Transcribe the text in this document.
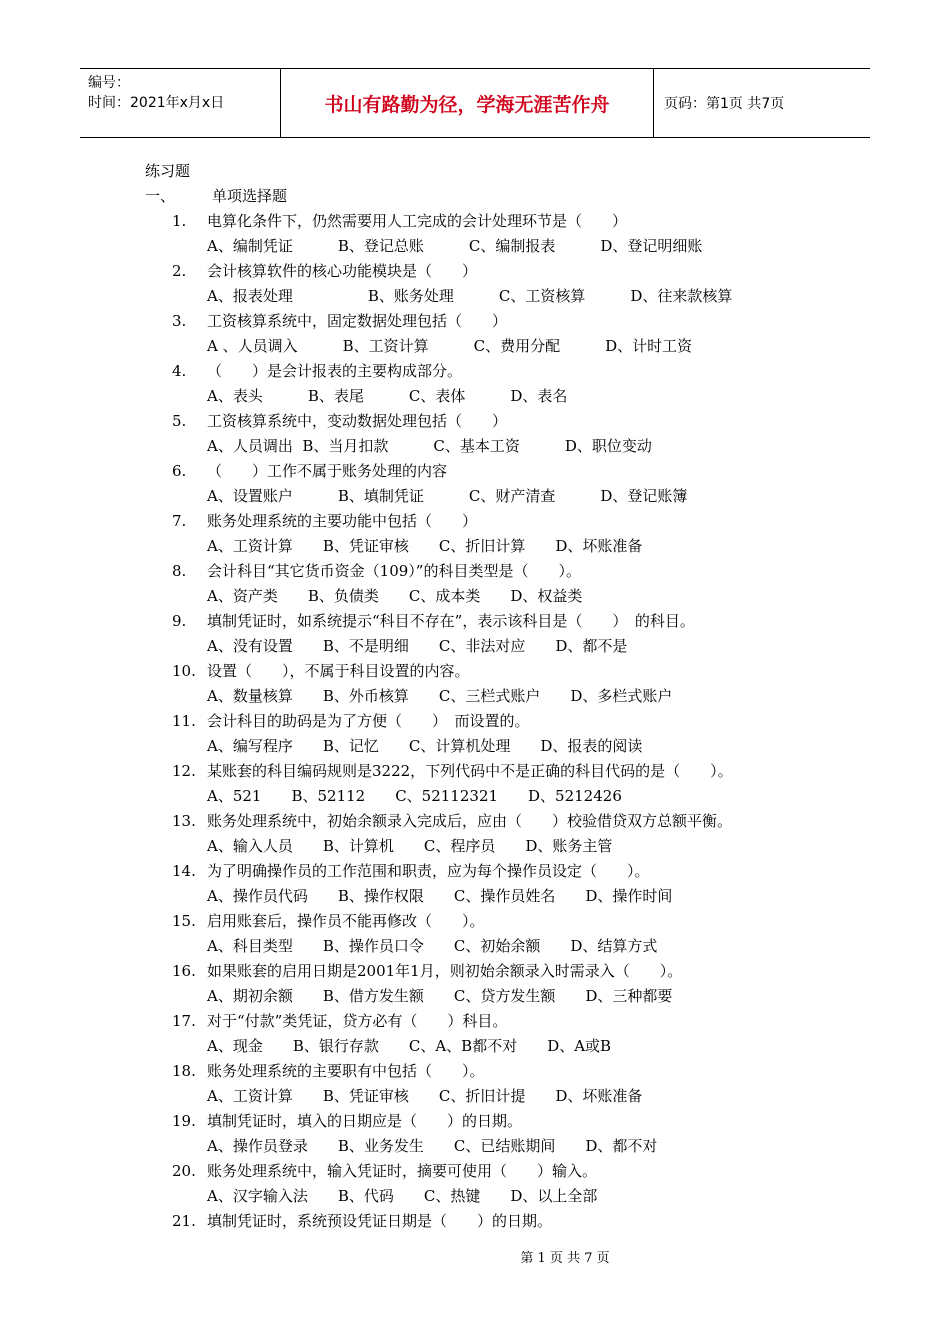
编号：
时间：2021年x月x日	书山有路勤为径，学海无涯苦作舟	页码：第1页 共7页
练习题
一、 单项选择题
1. 电算化条件下，仍然需要用人工完成的会计处理环节是（　　）
A、编制凭证　　　B、登记总账　　　C、编制报表　　　D、登记明细账
2. 会计核算软件的核心功能模块是（　　）
A、报表处理　　　　　B、账务处理　　　C、工资核算　　　D、往来款核算
3. 工资核算系统中，固定数据处理包括（　　）
A 、人员调入　　　B、工资计算　　　C、费用分配　　　D、计时工资
4. （　　）是会计报表的主要构成部分。
A、表头　　　B、表尾　　　C、表体　　　D、表名
5. 工资核算系统中，变动数据处理包括（　　）
A、人员调出  B、当月扣款　　　C、基本工资　　　D、职位变动
6. （　　）工作不属于账务处理的内容
A、设置账户　　　B、填制凭证　　　C、财产清查　　　D、登记账簿
7. 账务处理系统的主要功能中包括（　　）
A、工资计算　　B、凭证审核　　C、折旧计算　　D、坏账准备
8. 会计科目“其它货币资金（109）”的科目类型是（　　）。
A、资产类　　B、负债类　　C、成本类　　D、权益类
9. 填制凭证时，如系统提示“科目不存在”，表示该科目是（　　）　的科目。
A、没有设置　　B、不是明细　　C、非法对应　　D、都不是
10. 设置（　　），不属于科目设置的内容。
A、数量核算　　B、外币核算　　C、三栏式账户　　D、多栏式账户
11. 会计科目的助码是为了方便（　　）　而设置的。
A、编写程序　　B、记忆　　C、计算机处理　　D、报表的阅读
12. 某账套的科目编码规则是3222，下列代码中不是正确的科目代码的是（　　）。
A、521　　B、52112　　C、52112321　　D、5212426
13. 账务处理系统中，初始余额录入完成后，应由（　　）校验借贷双方总额平衡。
A、输入人员　　B、计算机　　C、程序员　　D、账务主管
14. 为了明确操作员的工作范围和职责，应为每个操作员设定（　　）。
A、操作员代码　　B、操作权限　　C、操作员姓名　　D、操作时间
15. 启用账套后，操作员不能再修改（　　）。
A、科目类型　　B、操作员口令　　C、初始余额　　D、结算方式
16. 如果账套的启用日期是2001年1月，则初始余额录入时需录入（　　）。
A、期初余额　　B、借方发生额　　C、贷方发生额　　D、三种都要
17. 对于“付款”类凭证，贷方必有（　　）科目。
A、现金　　B、银行存款　　C、A、B都不对　　D、A或B
18. 账务处理系统的主要职有中包括（　　）。
A、工资计算　　B、凭证审核　　C、折旧计提　　D、坏账准备
19. 填制凭证时，填入的日期应是（　　）的日期。
A、操作员登录　　B、业务发生　　C、已结账期间　　D、都不对
20. 账务处理系统中，输入凭证时，摘要可使用（　　）输入。
A、汉字输入法　　B、代码　　C、热键　　D、以上全部
21. 填制凭证时，系统预设凭证日期是（　　）的日期。
第 1 页 共 7 页
